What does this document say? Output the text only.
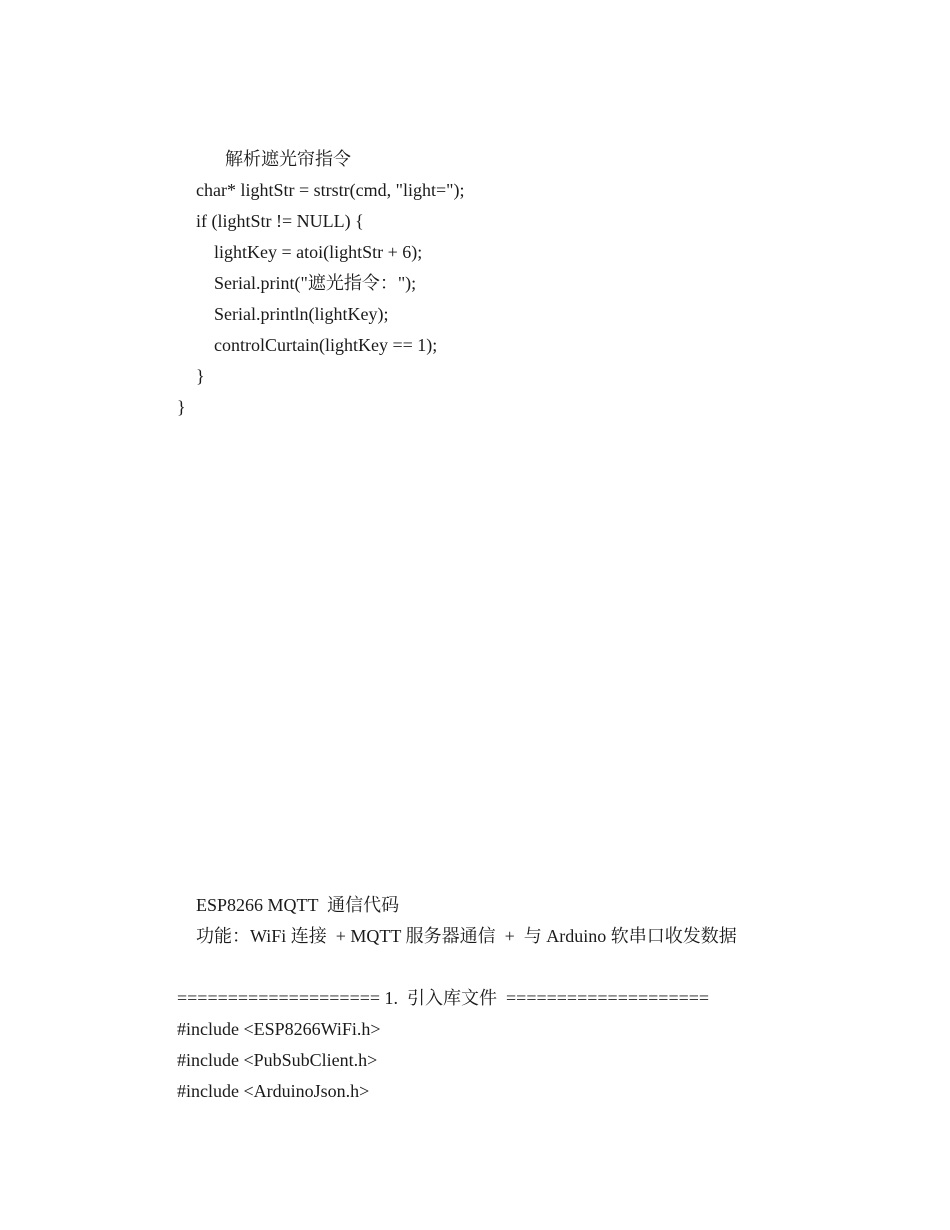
解析遮光帘指令
char* lightStr = strstr(cmd, "light=");
if (lightStr != NULL) {
lightKey = atoi(lightStr + 6);
Serial.print("遮光指令：");
Serial.println(lightKey);
controlCurtain(lightKey == 1);
}
}
ESP8266 MQTT  通信代码
功能：WiFi 连接  + MQTT 服务器通信  +  与 Arduino 软串口收发数据
==================== 1.  引入库文件  ====================
#include <ESP8266WiFi.h>
#include <PubSubClient.h>
#include <ArduinoJson.h>
